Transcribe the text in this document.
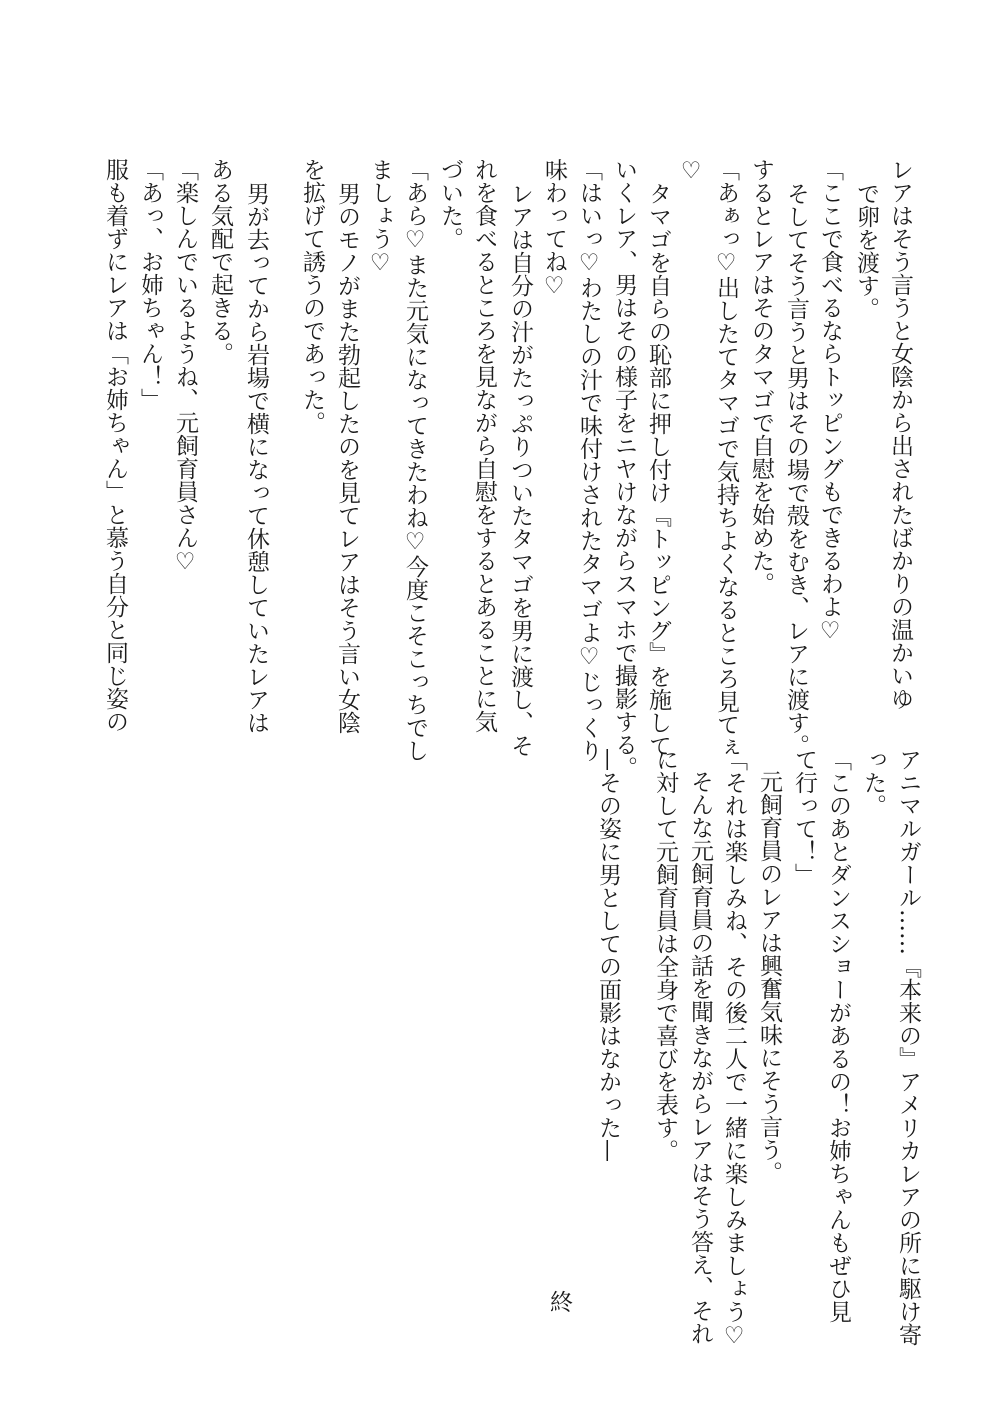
レアはそう言うと女陰から出されたばかりの温かいゆ
で卵を渡す。
「ここで食べるならトッピングもできるわよ♡
そしてそう言うと男はその場で殻をむき、レアに渡す。
するとレアはそのタマゴで自慰を始めた。
「あぁっ♡出したてタマゴで気持ちよくなるところ見てぇ
♡
タマゴを自らの恥部に押し付け『トッピング』を施して
いくレア、男はその様子をニヤけながらスマホで撮影する。
「はいっ♡わたしの汁で味付けされたタマゴよ♡じっくり
味わってね♡
レアは自分の汁がたっぷりついたタマゴを男に渡し、そ
れを食べるところを見ながら自慰をするとあることに気
づいた。
「あら♡また元気になってきたわね♡今度こそこっちでし
ましょう♡
男のモノがまた勃起したのを見てレアはそう言い女陰
を拡げて誘うのであった。
男が去ってから岩場で横になって休憩していたレアは
ある気配で起きる。
「楽しんでいるようね、元飼育員さん♡
「あっ、お姉ちゃん！」
服も着ずにレアは「お姉ちゃん」と慕う自分と同じ姿の
アニマルガール……『本来の』アメリカレアの所に駆け寄
った。
「このあとダンスショーがあるの！お姉ちゃんもぜひ見
て行って！」
元飼育員のレアは興奮気味にそう言う。
「それは楽しみね、その後二人で一緒に楽しみましょう♡
そんな元飼育員の話を聞きながらレアはそう答え、それ
に対して元飼育員は全身で喜びを表す。
—その姿に男としての面影はなかった—
終
